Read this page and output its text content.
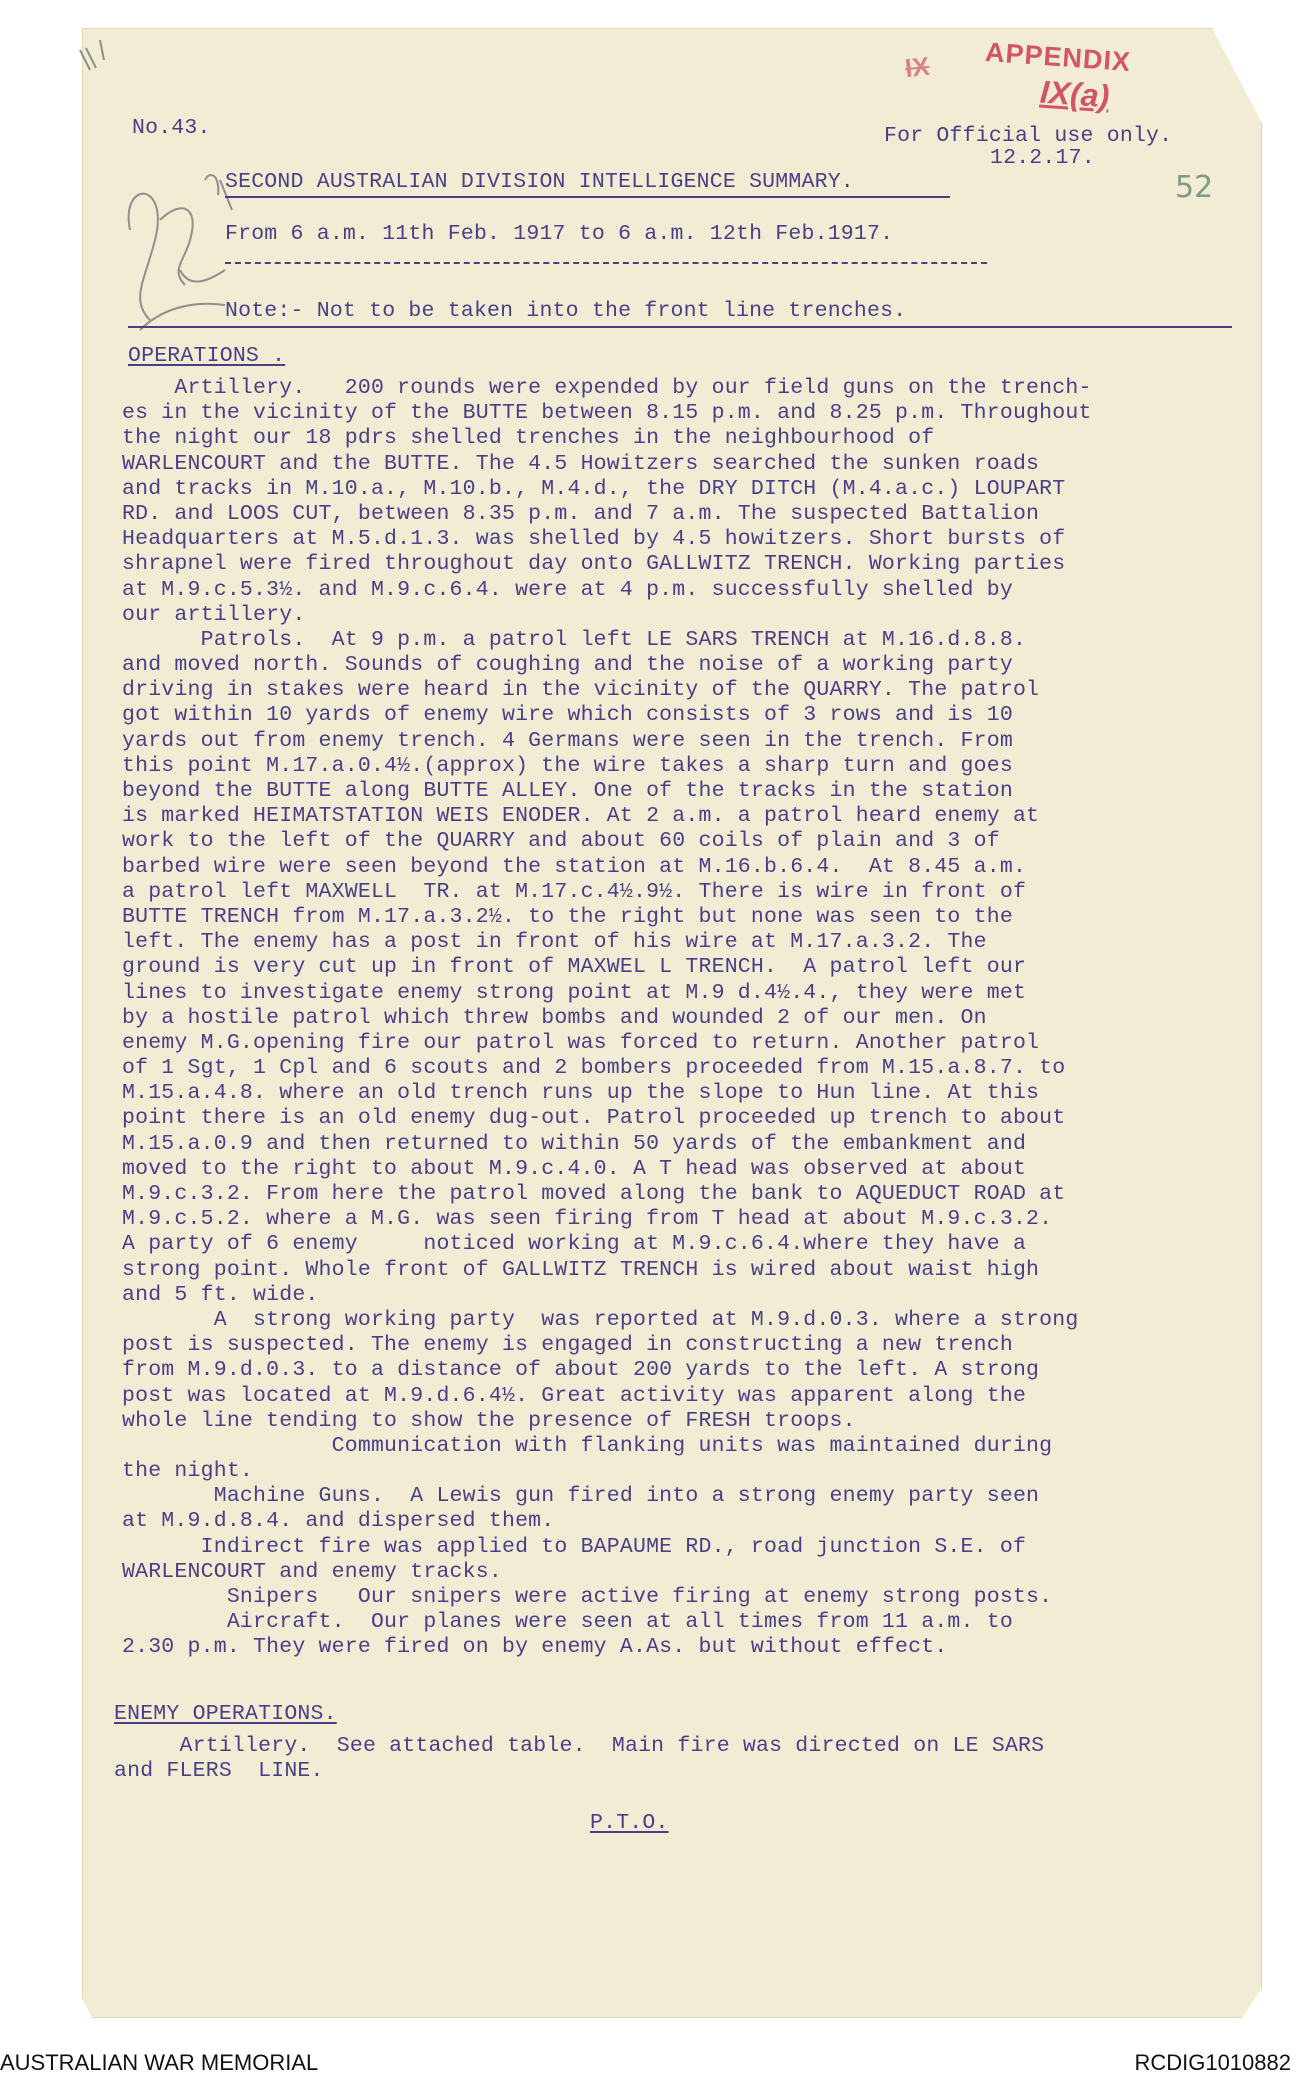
APPENDIX
IX
IX(a)
52
No.43.	For Official use only.
12.2.17.
SECOND AUSTRALIAN DIVISION INTELLIGENCE SUMMARY.
From 6 a.m. 11th Feb. 1917 to 6 a.m. 12th Feb.1917.
Note:- Not to be taken into the front line trenches.
OPERATIONS .
Artillery.   200 rounds were expended by our field guns on the trench-
es in the vicinity of the BUTTE between 8.15 p.m. and 8.25 p.m. Throughout
the night our 18 pdrs shelled trenches in the neighbourhood of
WARLENCOURT and the BUTTE. The 4.5 Howitzers searched the sunken roads
and tracks in M.10.a., M.10.b., M.4.d., the DRY DITCH (M.4.a.c.) LOUPART
RD. and LOOS CUT, between 8.35 p.m. and 7 a.m. The suspected Battalion
Headquarters at M.5.d.1.3. was shelled by 4.5 howitzers. Short bursts of
shrapnel were fired throughout day onto GALLWITZ TRENCH. Working parties
at M.9.c.5.3½. and M.9.c.6.4. were at 4 p.m. successfully shelled by
our artillery.
Patrols.  At 9 p.m. a patrol left LE SARS TRENCH at M.16.d.8.8.
and moved north. Sounds of coughing and the noise of a working party
driving in stakes were heard in the vicinity of the QUARRY. The patrol
got within 10 yards of enemy wire which consists of 3 rows and is 10
yards out from enemy trench. 4 Germans were seen in the trench. From
this point M.17.a.0.4½.(approx) the wire takes a sharp turn and goes
beyond the BUTTE along BUTTE ALLEY. One of the tracks in the station
is marked HEIMATSTATION WEIS ENODER. At 2 a.m. a patrol heard enemy at
work to the left of the QUARRY and about 60 coils of plain and 3 of
barbed wire were seen beyond the station at M.16.b.6.4.  At 8.45 a.m.
a patrol left MAXWELL  TR. at M.17.c.4½.9½. There is wire in front of
BUTTE TRENCH from M.17.a.3.2½. to the right but none was seen to the
left. The enemy has a post in front of his wire at M.17.a.3.2. The
ground is very cut up in front of MAXWEL L TRENCH.  A patrol left our
lines to investigate enemy strong point at M.9 d.4½.4., they were met
by a hostile patrol which threw bombs and wounded 2 of our men. On
enemy M.G.opening fire our patrol was forced to return. Another patrol
of 1 Sgt, 1 Cpl and 6 scouts and 2 bombers proceeded from M.15.a.8.7. to
M.15.a.4.8. where an old trench runs up the slope to Hun line. At this
point there is an old enemy dug-out. Patrol proceeded up trench to about
M.15.a.0.9 and then returned to within 50 yards of the embankment and
moved to the right to about M.9.c.4.0. A T head was observed at about
M.9.c.3.2. From here the patrol moved along the bank to AQUEDUCT ROAD at
M.9.c.5.2. where a M.G. was seen firing from T head at about M.9.c.3.2.
A party of 6 enemy     noticed working at M.9.c.6.4.where they have a
strong point. Whole front of GALLWITZ TRENCH is wired about waist high
and 5 ft. wide.
A  strong working party  was reported at M.9.d.0.3. where a strong
post is suspected. The enemy is engaged in constructing a new trench
from M.9.d.0.3. to a distance of about 200 yards to the left. A strong
post was located at M.9.d.6.4½. Great activity was apparent along the
whole line tending to show the presence of FRESH troops.
Communication with flanking units was maintained during
the night.
Machine Guns.  A Lewis gun fired into a strong enemy party seen
at M.9.d.8.4. and dispersed them.
Indirect fire was applied to BAPAUME RD., road junction S.E. of
WARLENCOURT and enemy tracks.
Snipers   Our snipers were active firing at enemy strong posts.
Aircraft.  Our planes were seen at all times from 11 a.m. to
2.30 p.m. They were fired on by enemy A.As. but without effect.
ENEMY OPERATIONS.
Artillery.  See attached table.  Main fire was directed on LE SARS
and FLERS  LINE.
P.T.O.
AUSTRALIAN WAR MEMORIAL	RCDIG1010882
